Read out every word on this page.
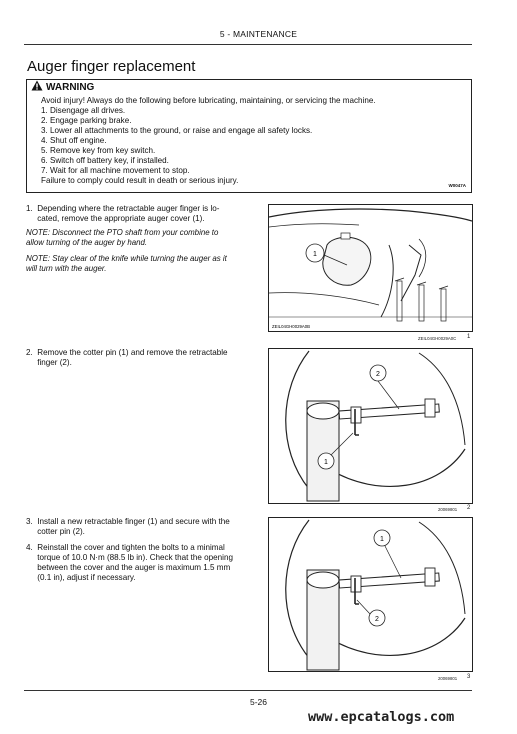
5 - MAINTENANCE
Auger finger replacement
WARNING
Avoid injury! Always do the following before lubricating, maintaining, or servicing the machine.
1. Disengage all drives.
2. Engage parking brake.
3. Lower all attachments to the ground, or raise and engage all safety locks.
4. Shut off engine.
5. Remove key from key switch.
6. Switch off battery key, if installed.
7. Wait for all machine movement to stop.
Failure to comply could result in death or serious injury.
W0047A
1.  Depending where the retractable auger finger is lo-
cated, remove the appropriate auger cover (1).
NOTE: Disconnect the PTO shaft from your combine to
allow turning of the auger by hand.
NOTE: Stay clear of the knife while turning the auger as it
will turn with the auger.
1
ZEIL04GH0029A0B
ZEIL04GH0029A0C 1
2.  Remove the cotter pin (1) and remove the retractable
finger (2).
2
1
20069801 2
3.  Install a new retractable finger (1) and secure with the
cotter pin (2).
4.  Reinstall the cover and tighten the bolts to a minimal
torque of 10.0 N·m (88.5 lb in). Check that the opening
between the cover and the auger is maximum 1.5 mm
(0.1 in), adjust if necessary.
1
2
20069801 3
5-26
www.epcatalogs.com
